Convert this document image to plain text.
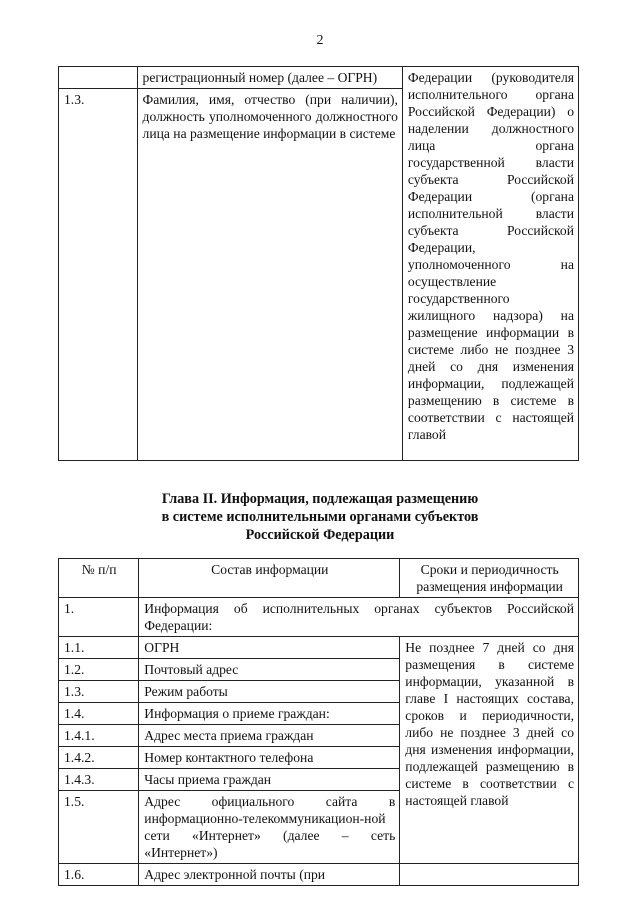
2
	регистрационный номер (далее – ОГРН)	Федерации (руководителя исполнительного органа Российской Федерации) о наделении должностного лица органа государственной власти субъекта Российской Федерации (органа исполнительной власти субъекта Российской Федерации, уполномоченного на осуществление государственного жилищного надзора) на размещение информации в системе либо не позднее 3 дней со дня изменения информации, подлежащей размещению в системе в соответствии с настоящей главой
1.3.	Фамилия, имя, отчество (при наличии), должность уполномоченного должностного лица на размещение информации в системе	
Глава II. Информация, подлежащая размещению
в системе исполнительными органами субъектов
Российской Федерации
№ п/п	Состав информации	Сроки и периодичность размещения информации
1.	Информация об исполнительных органах субъектов Российской Федерации:	
1.1.	ОГРН	Не позднее 7 дней со дня размещения в системе информации, указанной в главе I настоящих состава, сроков и периодичности, либо не позднее 3 дней со дня изменения информации, подлежащей размещению в системе в соответствии с настоящей главой
1.2.	Почтовый адрес	
1.3.	Режим работы	
1.4.	Информация о приеме граждан:	
1.4.1.	Адрес места приема граждан	
1.4.2.	Номер контактного телефона	
1.4.3.	Часы приема граждан	
1.5.	Адрес официального сайта в информационно-телекоммуникацион-ной сети «Интернет» (далее – сеть «Интернет»)	
1.6.	Адрес электронной почты (при	
